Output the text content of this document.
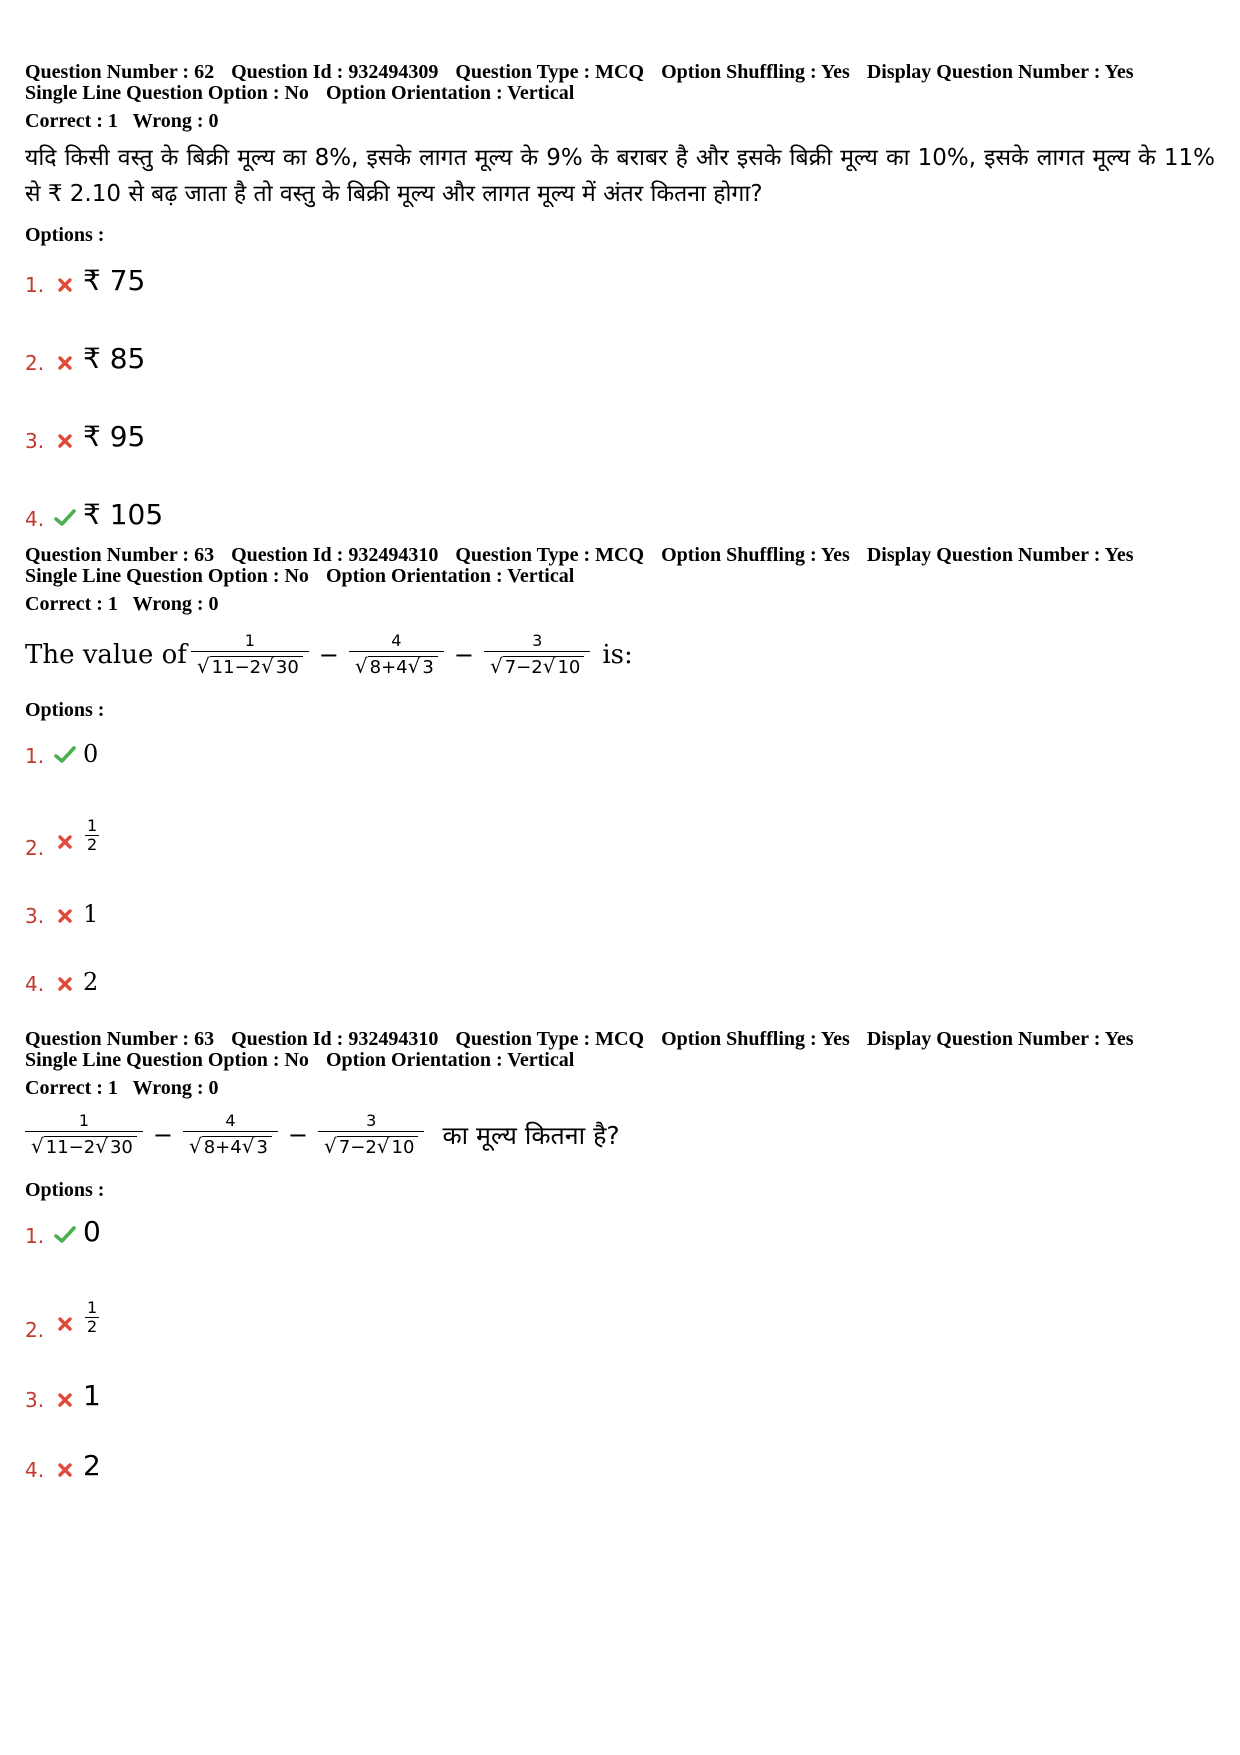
Question Number : 62 Question Id : 932494309 Question Type : MCQ Option Shuffling : Yes Display Question Number : Yes
Single Line Question Option : No Option Orientation : Vertical
Correct : 1 Wrong : 0
यदि किसी वस्तु के बिक्री मूल्य का 8%, इसके लागत मूल्य के 9% के बराबर है और इसके बिक्री मूल्य का 10%, इसके लागत मूल्य के 11% से ₹ 2.10 से बढ़ जाता है तो वस्तु के बिक्री मूल्य और लागत मूल्य में अंतर कितना होगा?
Options :
1. ₹ 75
2. ₹ 85
3. ₹ 95
4. ₹ 105
Question Number : 63 Question Id : 932494310 Question Type : MCQ Option Shuffling : Yes Display Question Number : Yes
Single Line Question Option : No Option Orientation : Vertical
Correct : 1 Wrong : 0
The value of $\frac{1}{√ 11-2√ 30} - \frac{4}{√ 8+4√ 3} - \frac{3}{√ 7-2√ 10}$ is:
Options :
1. 0
2.	$\frac{1}{2}$
3. 1
4. 2
Question Number : 63 Question Id : 932494310 Question Type : MCQ Option Shuffling : Yes Display Question Number : Yes
Single Line Question Option : No Option Orientation : Vertical
Correct : 1 Wrong : 0
$\frac{1}{√ 11-2√ 30} - \frac{4}{√ 8+4√ 3} - \frac{3}{√ 7-2√ 10}$ का मूल्य कितना है?
Options :
1. 0
2.	$\frac{1}{2}$
3. 1
4. 2
